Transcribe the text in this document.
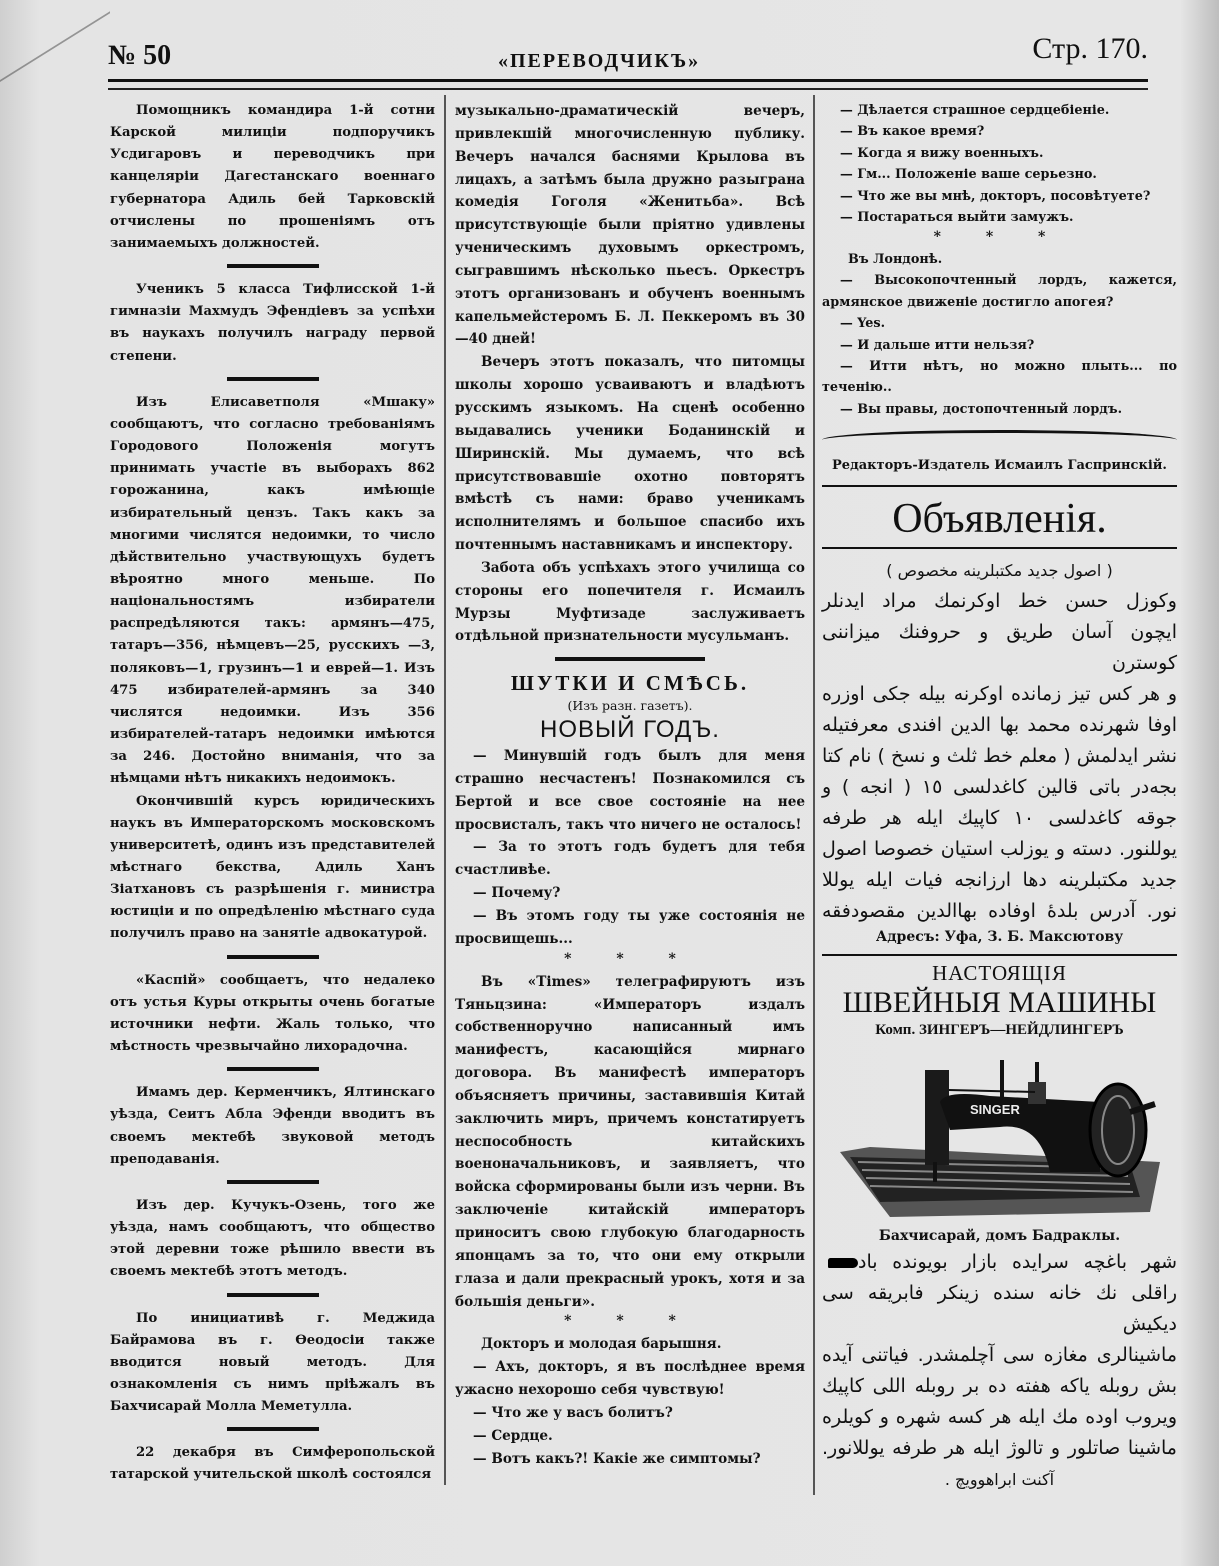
№ 50	«ПЕРЕВОДЧИКЪ»	Стр. 170.

Помощникъ командира 1-й сотни Карской милиціи подпоручикъ Усдигаровъ и переводчикъ при канцеляріи Дагестанскаго военнаго губернатора Адиль бей Тарковскій отчислены по прошеніямъ отъ занимаемыхъ должностей.

Ученикъ 5 класса Тифлисской 1-й гимназіи Махмудъ Эфендіевъ за успѣхи въ наукахъ получилъ награду первой степени.

Изъ Елисаветполя «Мшаку» сообщаютъ, что согласно требованіямъ Городового Положенія могутъ принимать участіе въ выборахъ 862 горожанина, какъ имѣющіе избирательный цензъ. Такъ какъ за многими числятся недоимки, то число дѣйствительно участвующухъ будетъ вѣроятно много меньше. По національностямъ избиратели распредѣляются такъ: армянъ—475, татаръ—356, нѣмцевъ—25, русскихъ —3, поляковъ—1, грузинъ—1 и еврей—1. Изъ 475 избирателей-армянъ за 340 числятся недоимки. Изъ 356 избирателей-татаръ недоимки имѣются за 246. Достойно вниманія, что за нѣмцами нѣтъ никакихъ недоимокъ.

Окончившій курсъ юридическихъ наукъ въ Императорскомъ московскомъ университетѣ, одинъ изъ представителей мѣстнаго бекства, Адиль Ханъ Зіатхановъ съ разрѣшенія г. министра юстиціи и по опредѣленію мѣстнаго суда получилъ право на занятіе адвокатурой.

«Каспій» сообщаетъ, что недалеко отъ устья Куры открыты очень богатые источники нефти. Жаль только, что мѣстность чрезвычайно лихорадочна.

Имамъ дер. Керменчикъ, Ялтинскаго уѣзда, Сеитъ Абла Эфенди вводитъ въ своемъ мектебѣ звуковой методъ преподаванія.

Изъ дер. Кучукъ-Озень, того же уѣзда, намъ сообщаютъ, что общество этой деревни тоже рѣшило ввести въ своемъ мектебѣ этотъ методъ.

По инициативѣ г. Меджида Байрамова въ г. Ѳеодосіи также вводится новый методъ. Для ознакомленія съ нимъ пріѣжалъ въ Бахчисарай Молла Меметулла.

22 декабря въ Симферопольской татарской учительской школѣ состоялся

музыкально-драматическій вечеръ, привлекшій многочисленную публику. Вечеръ начался баснями Крылова въ лицахъ, а затѣмъ была дружно разыграна комедія Гоголя «Женитьба». Всѣ присутствующіе были пріятно удивлены ученическимъ духовымъ оркестромъ, сыгравшимъ нѣсколько пьесъ. Оркестръ этотъ организованъ и обученъ военнымъ капельмейстеромъ Б. Л. Пеккеромъ въ 30—40 дней!

Вечеръ этотъ показалъ, что питомцы школы хорошо усваиваютъ и владѣютъ русскимъ языкомъ. На сценѣ особенно выдавались ученики Боданинскій и Ширинскій. Мы думаемъ, что всѣ присутствовавшіе охотно повторятъ вмѣстѣ съ нами: браво ученикамъ исполнителямъ и большое спасибо ихъ почтеннымъ наставникамъ и инспектору.

Забота объ успѣхахъ этого училища со стороны его попечителя г. Исмаилъ Мурзы Муфтизаде заслуживаетъ отдѣльной признательности мусульманъ.

ШУТКИ И СМѢСЬ.
(Изъ разн. газетъ).
НОВЫЙ ГОДЪ.

— Минувшій годъ былъ для меня страшно несчастенъ! Познакомился съ Бертой и все свое состояніе на нее просвисталъ, такъ что ничего не осталось!

— За то этотъ годъ будетъ для тебя счастливѣе.

— Почему?

— Въ этомъ году ты уже состоянія не просвищешь...

* * *

Въ «Times» телеграфируютъ изъ Тяньцзина: «Императоръ издалъ собственноручно написанный имъ манифестъ, касающійся мирнаго договора. Въ манифестѣ императоръ объясняетъ причины, заставившія Китай заключить миръ, причемъ констатируетъ неспособность китайскихъ военоначальниковъ, и заявляетъ, что войска сформированы были изъ черни. Въ заключеніе китайскій императоръ приноситъ свою глубокую благодарность японцамъ за то, что они ему открыли глаза и дали прекрасный урокъ, хотя и за большія деньги».

* * *

Докторъ и молодая барышня.

— Ахъ, докторъ, я въ послѣднее время ужасно нехорошо себя чувствую!

— Что же у васъ болитъ?

— Сердце.

— Вотъ какъ?! Какіе же симптомы?

— Дѣлается страшное сердцебіеніе.

— Въ какое время?

— Когда я вижу военныхъ.

— Гм... Положеніе ваше серьезно.

— Что же вы мнѣ, докторъ, посовѣтуете?

— Постараться выйти замужъ.

* * *

Въ Лондонѣ.

— Высокопочтенный лордъ, кажется, армянское движеніе достигло апогея?

— Yes.

— И дальше итти нельзя?

— Итти нѣтъ, но можно плыть... по теченію..

— Вы правы, достопочтенный лордъ.

Редакторъ-Издатель Исмаилъ Гаспринскій.
Объявленія.
( اصول جديد مكتبلرينه مخصوص )
وكوزل حسن خط اوكرنمك مراد ايدنلر
ايچون آسان طريق و حروفنك ميزاننى كوسترن
و هر كس تيز زمانده اوكرنه بيله جكى اوزره
اوفا شهرنده محمد بها الدين افندى معرفتيله
نشر ايدلمش ( معلم خط ثلث و نسخ ) نام كتا
بجه‌در باتى قالين كاغدلسى ١٥ ( انجه ) و
جوقه كاغدلسى ١٠ كاپيك ايله هر طرفه
يوللنور. دسته و يوزلب استيان خصوصا اصول
جديد مكتبلرينه دها ارزانجه فيات ايله يوللا
نور. آدرس بلدهٔ اوفاده بهاالدين مقصودفقه
Адресъ: Уфа, З. Б. Максютову
НАСТОЯЩІЯ
ШВЕЙНЫЯ МАШИНЫ
Комп. ЗИНГЕРЪ—НЕЙДЛИНГЕРЪ
SINGER
Бахчисарай, домъ Бадраклы.
شهر باغچه سرايده بازار بويونده باد
راقلى نك خانه سنده زينكر فابريقه سى ديكيش
ماشينالرى مغازه سى آچلمشدر. فياتنى آيده
بش روبله ياكه هفته ده بر روبله اللى كاپيك
ويروب اوده مك ايله هر كسه شهره و كويلره
ماشينا صاتلور و تالوژ ايله هر طرفه يوللانور.
آكنت ابراهوويچ .
